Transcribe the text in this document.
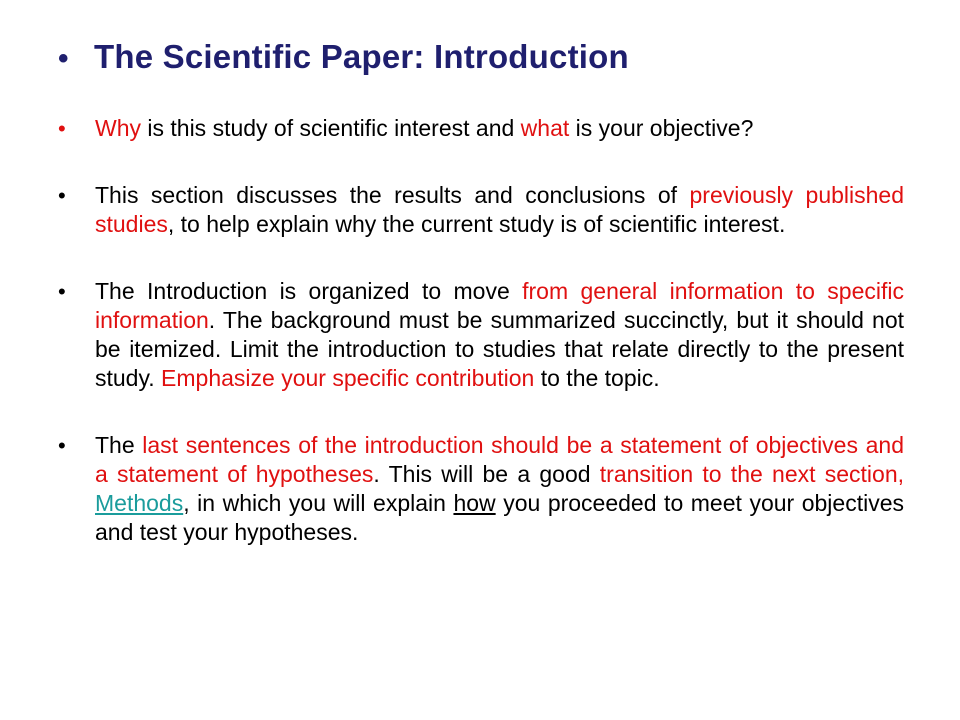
• The Scientific Paper: Introduction
•	Why is this study of scientific interest and what is your objective?
•	This section discusses the results and conclusions of previously published studies, to help explain why the current study is of scientific interest.
•	The Introduction is organized to move from general information to specific information. The background must be summarized succinctly, but it should not be itemized. Limit the introduction to studies that relate directly to the present study. Emphasize your specific contribution to the topic.
•	The last sentences of the introduction should be a statement of objectives and a statement of hypotheses. This will be a good transition to the next section, Methods, in which you will explain how you proceeded to meet your objectives and test your hypotheses.
